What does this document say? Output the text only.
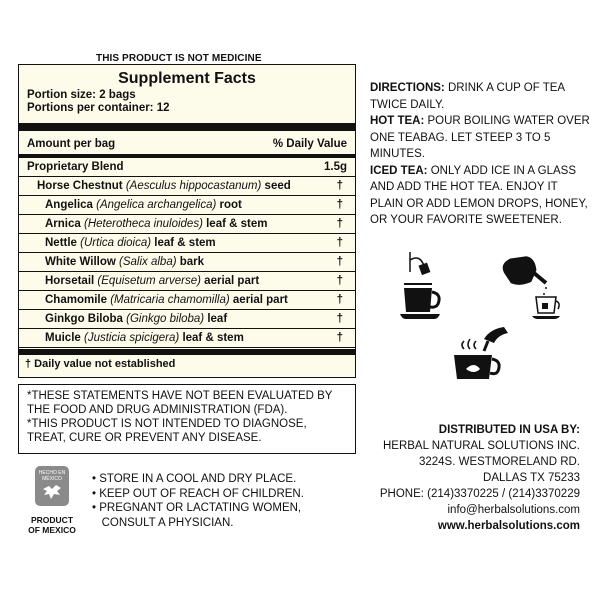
THIS PRODUCT IS NOT MEDICINE
Supplement Facts
Portion size: 2 bags
Portions per container: 12
Amount per bag	% Daily Value
Proprietary Blend	1.5g
Horse Chestnut (Aesculus hippocastanum) seed	†
Angelica (Angelica archangelica) root	†
Arnica (Heterotheca inuloides) leaf & stem	†
Nettle (Urtica dioica) leaf & stem	†
White Willow (Salix alba) bark	†
Horsetail (Equisetum arverse) aerial part	†
Chamomile (Matricaria chamomilla) aerial part	†
Ginkgo Biloba (Ginkgo biloba) leaf	†
Muicle (Justicia spicigera) leaf & stem	†
† Daily value not established
*THESE STATEMENTS HAVE NOT BEEN EVALUATED BY
THE FOOD AND DRUG ADMINISTRATION (FDA).
*THIS PRODUCT IS NOT INTENDED TO DIAGNOSE,
TREAT, CURE OR PREVENT ANY DISEASE.
HECHO EN MÉXICO
PRODUCT
OF MEXICO
• STORE IN A COOL AND DRY PLACE.
• KEEP OUT OF REACH OF CHILDREN.
• PREGNANT OR LACTATING WOMEN,
CONSULT A PHYSICIAN.
DIRECTIONS: DRINK A CUP OF TEA TWICE DAILY.
HOT TEA: POUR BOILING WATER OVER ONE TEABAG. LET STEEP 3 TO 5 MINUTES.
ICED TEA: ONLY ADD ICE IN A GLASS AND ADD THE HOT TEA. ENJOY IT PLAIN OR ADD LEMON DROPS, HONEY, OR YOUR FAVORITE SWEETENER.
DISTRIBUTED IN USA BY:
HERBAL NATURAL SOLUTIONS INC.
3224S. WESTMORELAND RD.
DALLAS TX 75233
PHONE: (214)3370225 / (214)3370229
info@herbalsolutions.com
www.herbalsolutions.com
